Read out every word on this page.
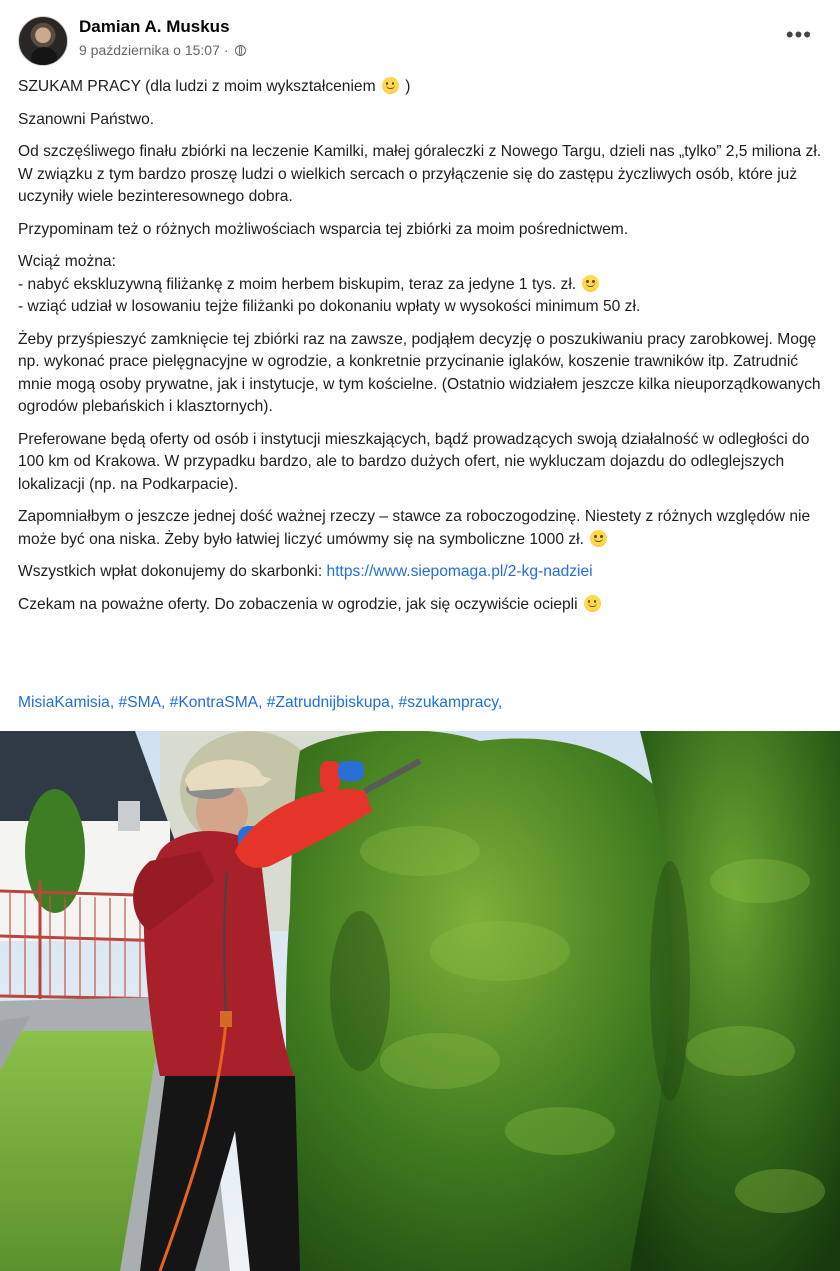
Damian A. Muskus
9 października o 15:07 ·
•••

SZUKAM PRACY (dla ludzi z moim wykształceniem )

Szanowni Państwo.

Od szczęśliwego finału zbiórki na leczenie Kamilki, małej góraleczki z Nowego Targu, dzieli nas „tylko” 2,5 miliona zł. W związku z tym bardzo proszę ludzi o wielkich sercach o przyłączenie się do zastępu życzliwych osób, które już uczyniły wiele bezinteresownego dobra.

Przypominam też o różnych możliwościach wsparcia tej zbiórki za moim pośrednictwem.

Wciąż można:
- nabyć ekskluzywną filiżankę z moim herbem biskupim, teraz za jedyne 1 tys. zł.
- wziąć udział w losowaniu tejże filiżanki po dokonaniu wpłaty w wysokości minimum 50 zł.

Żeby przyśpieszyć zamknięcie tej zbiórki raz na zawsze, podjąłem decyzję o poszukiwaniu pracy zarobkowej. Mogę np. wykonać prace pielęgnacyjne w ogrodzie, a konkretnie przycinanie iglaków, koszenie trawników itp. Zatrudnić mnie mogą osoby prywatne, jak i instytucje, w tym kościelne. (Ostatnio widziałem jeszcze kilka nieuporządkowanych ogrodów plebańskich i klasztornych).

Preferowane będą oferty od osób i instytucji mieszkających, bądź prowadzących swoją działalność w odległości do 100 km od Krakowa. W przypadku bardzo, ale to bardzo dużych ofert, nie wykluczam dojazdu do odleglejszych lokalizacji (np. na Podkarpacie).

Zapomniałbym o jeszcze jednej dość ważnej rzeczy – stawce za roboczogodzinę. Niestety z różnych względów nie może być ona niska. Żeby było łatwiej liczyć umówmy się na symboliczne 1000 zł.

Wszystkich wpłat dokonujemy do skarbonki: https://www.siepomaga.pl/2-kg-nadziei

Czekam na poważne oferty. Do zobaczenia w ogrodzie, jak się oczywiście ociepli

MisiaKamisia, #SMA, #KontraSMA, #Zatrudnijbiskupa, #szukampracy,
